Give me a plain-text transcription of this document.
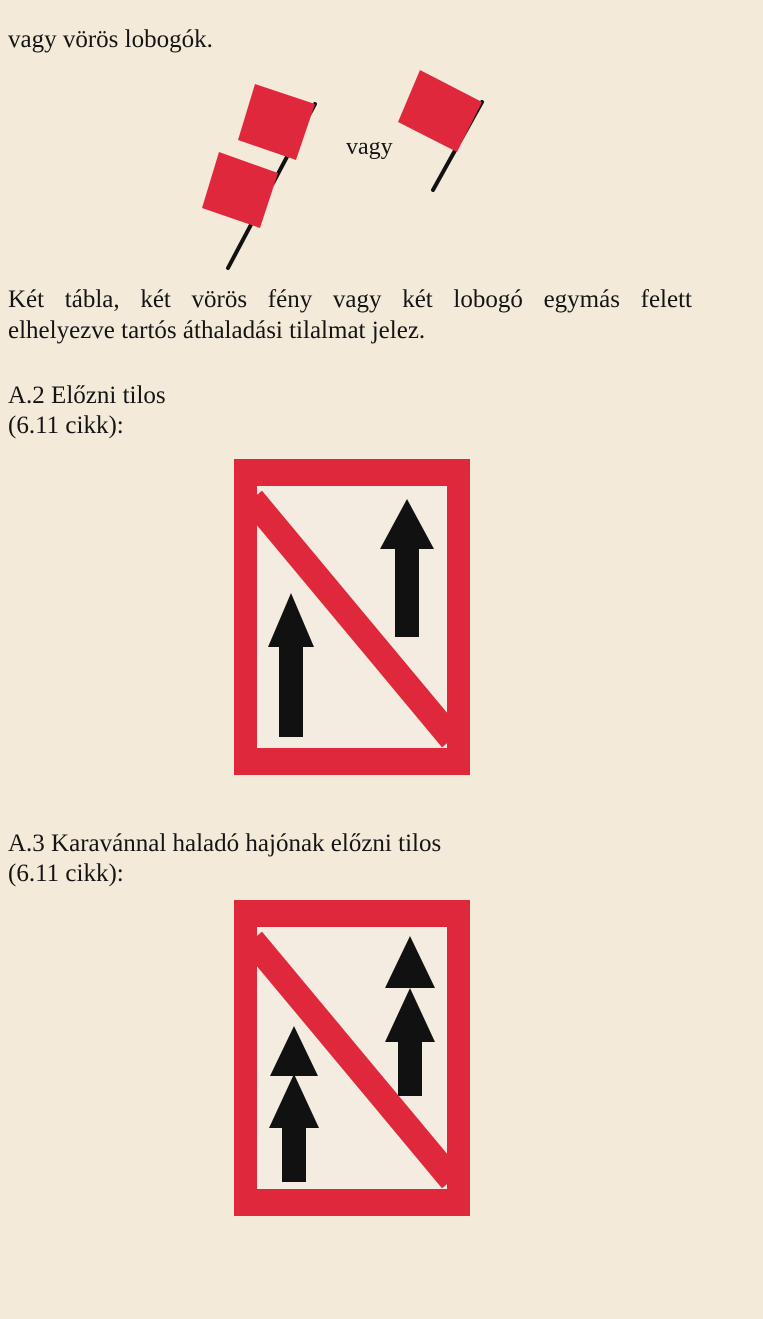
vagy vörös lobogók.
vagy
Két tábla, két vörös fény vagy két lobogó egymás felett
elhelyezve tartós áthaladási tilalmat jelez.
A.2 Előzni tilos
(6.11 cikk):
A.3 Karavánnal haladó hajónak előzni tilos
(6.11 cikk):
